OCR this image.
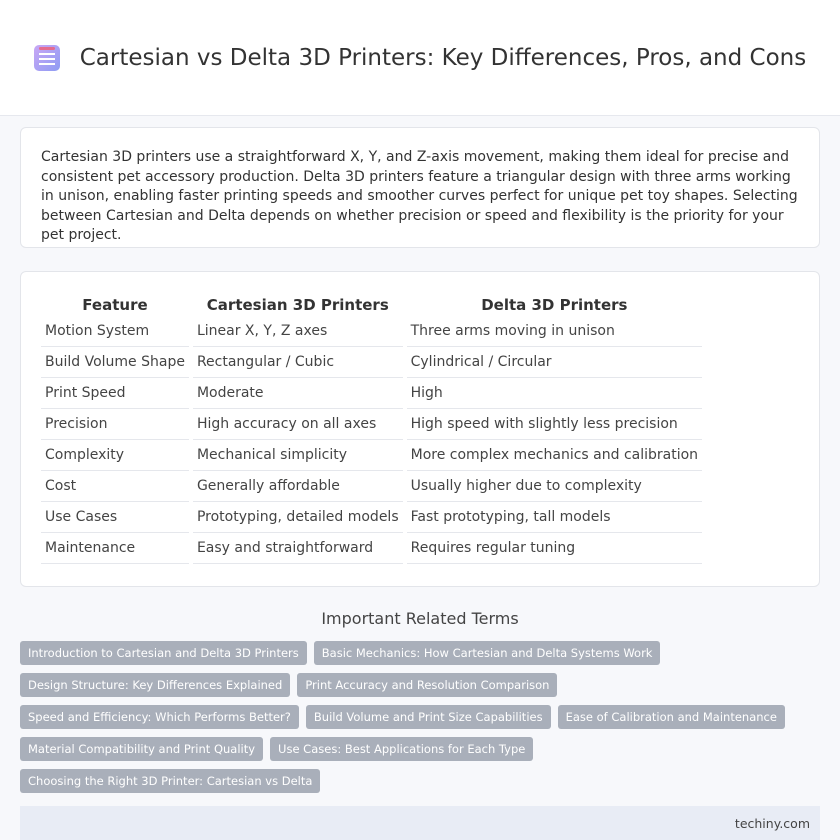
Cartesian vs Delta 3D Printers: Key Differences, Pros, and Cons

Cartesian 3D printers use a straightforward X, Y, and Z-axis movement, making them ideal for precise and consistent pet accessory production. Delta 3D printers feature a triangular design with three arms working in unison, enabling faster printing speeds and smoother curves perfect for unique pet toy shapes. Selecting between Cartesian and Delta depends on whether precision or speed and flexibility is the priority for your pet project.

Feature	Cartesian 3D Printers	Delta 3D Printers
Motion System	Linear X, Y, Z axes	Three arms moving in unison
Build Volume Shape	Rectangular / Cubic	Cylindrical / Circular
Print Speed	Moderate	High
Precision	High accuracy on all axes	High speed with slightly less precision
Complexity	Mechanical simplicity	More complex mechanics and calibration
Cost	Generally affordable	Usually higher due to complexity
Use Cases	Prototyping, detailed models	Fast prototyping, tall models
Maintenance	Easy and straightforward	Requires regular tuning
Important Related Terms
Introduction to Cartesian and Delta 3D Printers	Basic Mechanics: How Cartesian and Delta Systems Work
Design Structure: Key Differences Explained	Print Accuracy and Resolution Comparison
Speed and Efficiency: Which Performs Better?	Build Volume and Print Size Capabilities	Ease of Calibration and Maintenance
Material Compatibility and Print Quality	Use Cases: Best Applications for Each Type
Choosing the Right 3D Printer: Cartesian vs Delta
techiny.com
